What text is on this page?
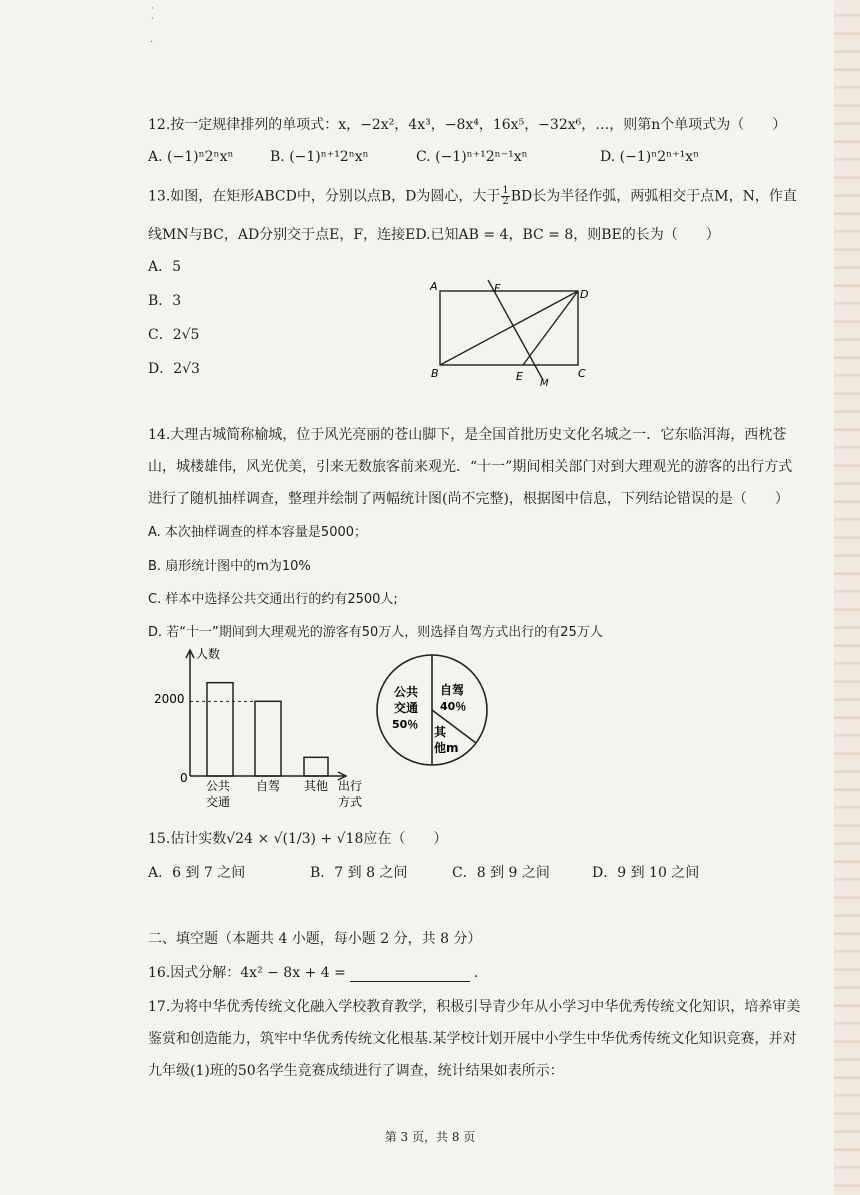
˙
˙

·
12.按一定规律排列的单项式：x，−2x²，4x³，−8x⁴，16x⁵，−32x⁶，…，则第n个单项式为（　　）
A. (−1)ⁿ2ⁿxⁿ	B. (−1)ⁿ⁺¹2ⁿxⁿ	C. (−1)ⁿ⁺¹2ⁿ⁻¹xⁿ	D. (−1)ⁿ2ⁿ⁺¹xⁿ
13.如图，在矩形ABCD中，分别以点B，D为圆心，大于 $\frac{1}{2}$ BD长为半径作弧，两弧相交于点M，N，作直
线MN与BC，AD分别交于点E，F，连接ED.已知AB = 4，BC = 8，则BE的长为（　　）
A．5
B．3
C．2√5
D．2√3
A
B	C
D
E
F
M
14.大理古城简称榆城，位于风光亮丽的苍山脚下，是全国首批历史文化名城之一．它东临洱海，西枕苍
山，城楼雄伟，风光优美，引来无数旅客前来观光．“十一”期间相关部门对到大理观光的游客的出行方式
进行了随机抽样调查，整理并绘制了两幅统计图(尚不完整)，根据图中信息，下列结论错误的是（　　）
A. 本次抽样调查的样本容量是5000；
B. 扇形统计图中的m为10%
C. 样本中选择公共交通出行的约有2500人;
D. 若“十一”期间到大理观光的游客有50万人，则选择自驾方式出行的有25万人
人数
2000
0
出行
方式
公共
交通
自驾 其他
公共
交通
50％
自驾
40％
其
他m
15.估计实数√24 × √(1/3) + √18应在（　　）
A．6 到 7 之间	B．7 到 8 之间	C．8 到 9 之间	D．9 到 10 之间
二、填空题（本题共 4 小题，每小题 2 分，共 8 分）
16.因式分解：4x² − 8x + 4 =	.
17.为将中华优秀传统文化融入学校教育教学，积极引导青少年从小学习中华优秀传统文化知识，培养审美
鉴赏和创造能力，筑牢中华优秀传统文化根基.某学校计划开展中小学生中华优秀传统文化知识竞赛，并对
九年级(1)班的50名学生竞赛成绩进行了调查，统计结果如表所示：
第 3 页，共 8 页
